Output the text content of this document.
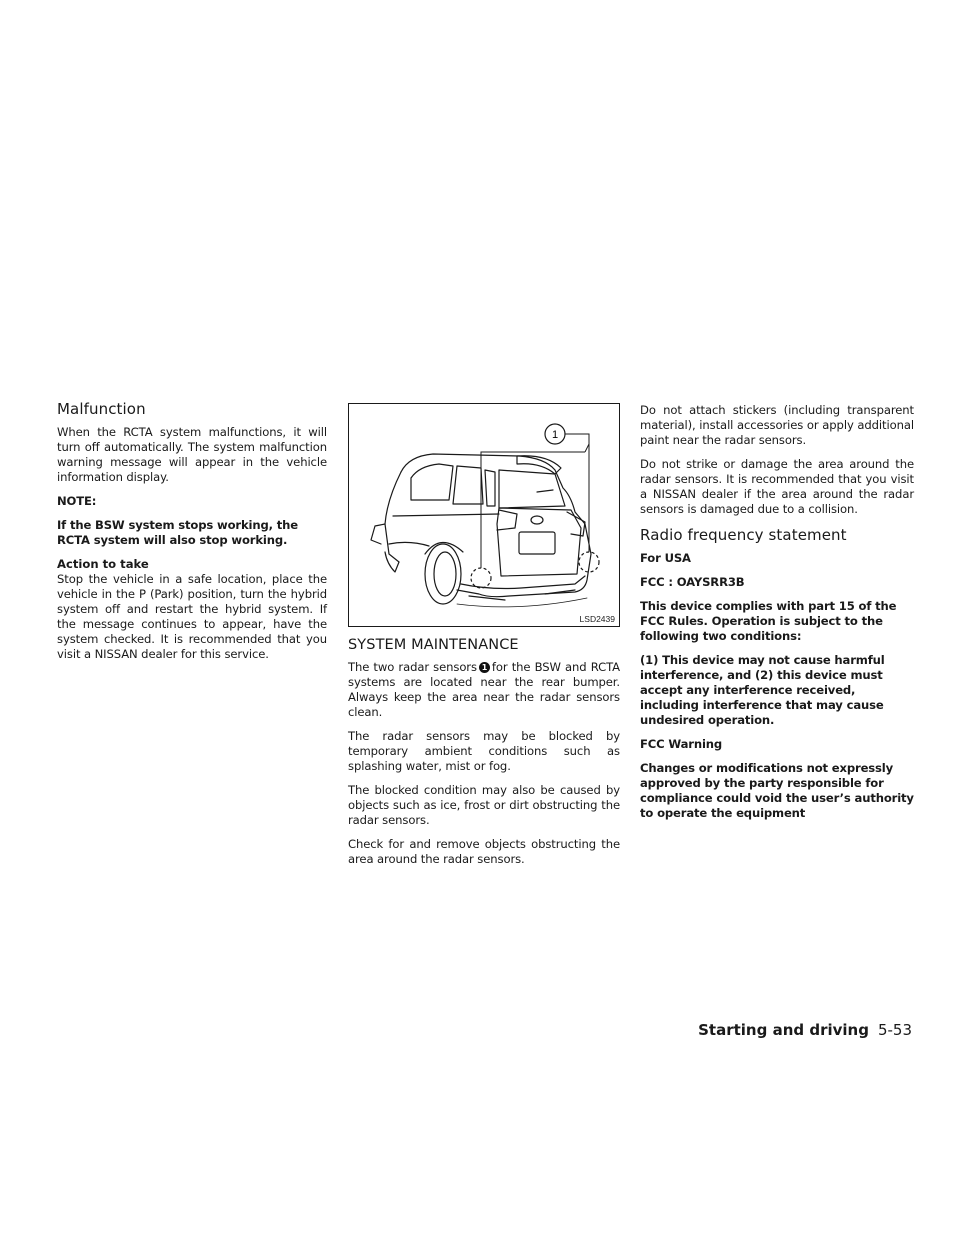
Malfunction

When the RCTA system malfunctions, it will turn off automatically. The system malfunction warning message will appear in the vehicle information display.

NOTE:

If the BSW system stops working, the RCTA system will also stop working.

Action to take

Stop the vehicle in a safe location, place the vehicle in the P (Park) position, turn the hybrid system off and restart the hybrid system. If the message continues to appear, have the system checked. It is recommended that you visit a NISSAN dealer for this service.

1
LSD2439
SYSTEM MAINTENANCE

The two radar sensors 1 for the BSW and RCTA systems are located near the rear bumper. Always keep the area near the radar sensors clean.

The radar sensors may be blocked by temporary ambient conditions such as splashing water, mist or fog.

The blocked condition may also be caused by objects such as ice, frost or dirt obstructing the radar sensors.

Check for and remove objects obstructing the area around the radar sensors.

Do not attach stickers (including transparent material), install accessories or apply additional paint near the radar sensors.

Do not strike or damage the area around the radar sensors. It is recommended that you visit a NISSAN dealer if the area around the radar sensors is damaged due to a collision.

Radio frequency statement

For USA

FCC : OAYSRR3B

This device complies with part 15 of the FCC Rules. Operation is subject to the following two conditions:

(1) This device may not cause harmful interference, and (2) this device must accept any interference received, including interference that may cause undesired operation.

FCC Warning

Changes or modifications not expressly approved by the party responsible for compliance could void the user’s authority to operate the equipment

Starting and driving 5-53
